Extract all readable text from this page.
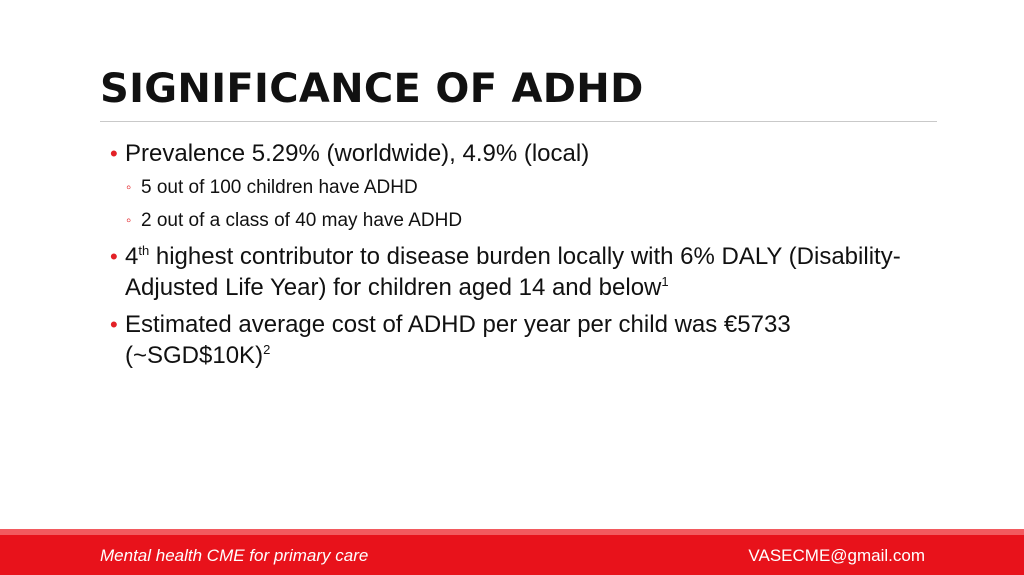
SIGNIFICANCE OF ADHD
• Prevalence 5.29% (worldwide), 4.9% (local)
◦ 5 out of 100 children have ADHD
◦ 2 out of a class of 40 may have ADHD
• 4th highest contributor to disease burden locally with 6% DALY (Disability-Adjusted Life Year) for children aged 14 and below$^1$
• Estimated average cost of ADHD per year per child was €5733 (~SGD$10K)$^2$
Mental health CME for primary care	VASECME@gmail.com
